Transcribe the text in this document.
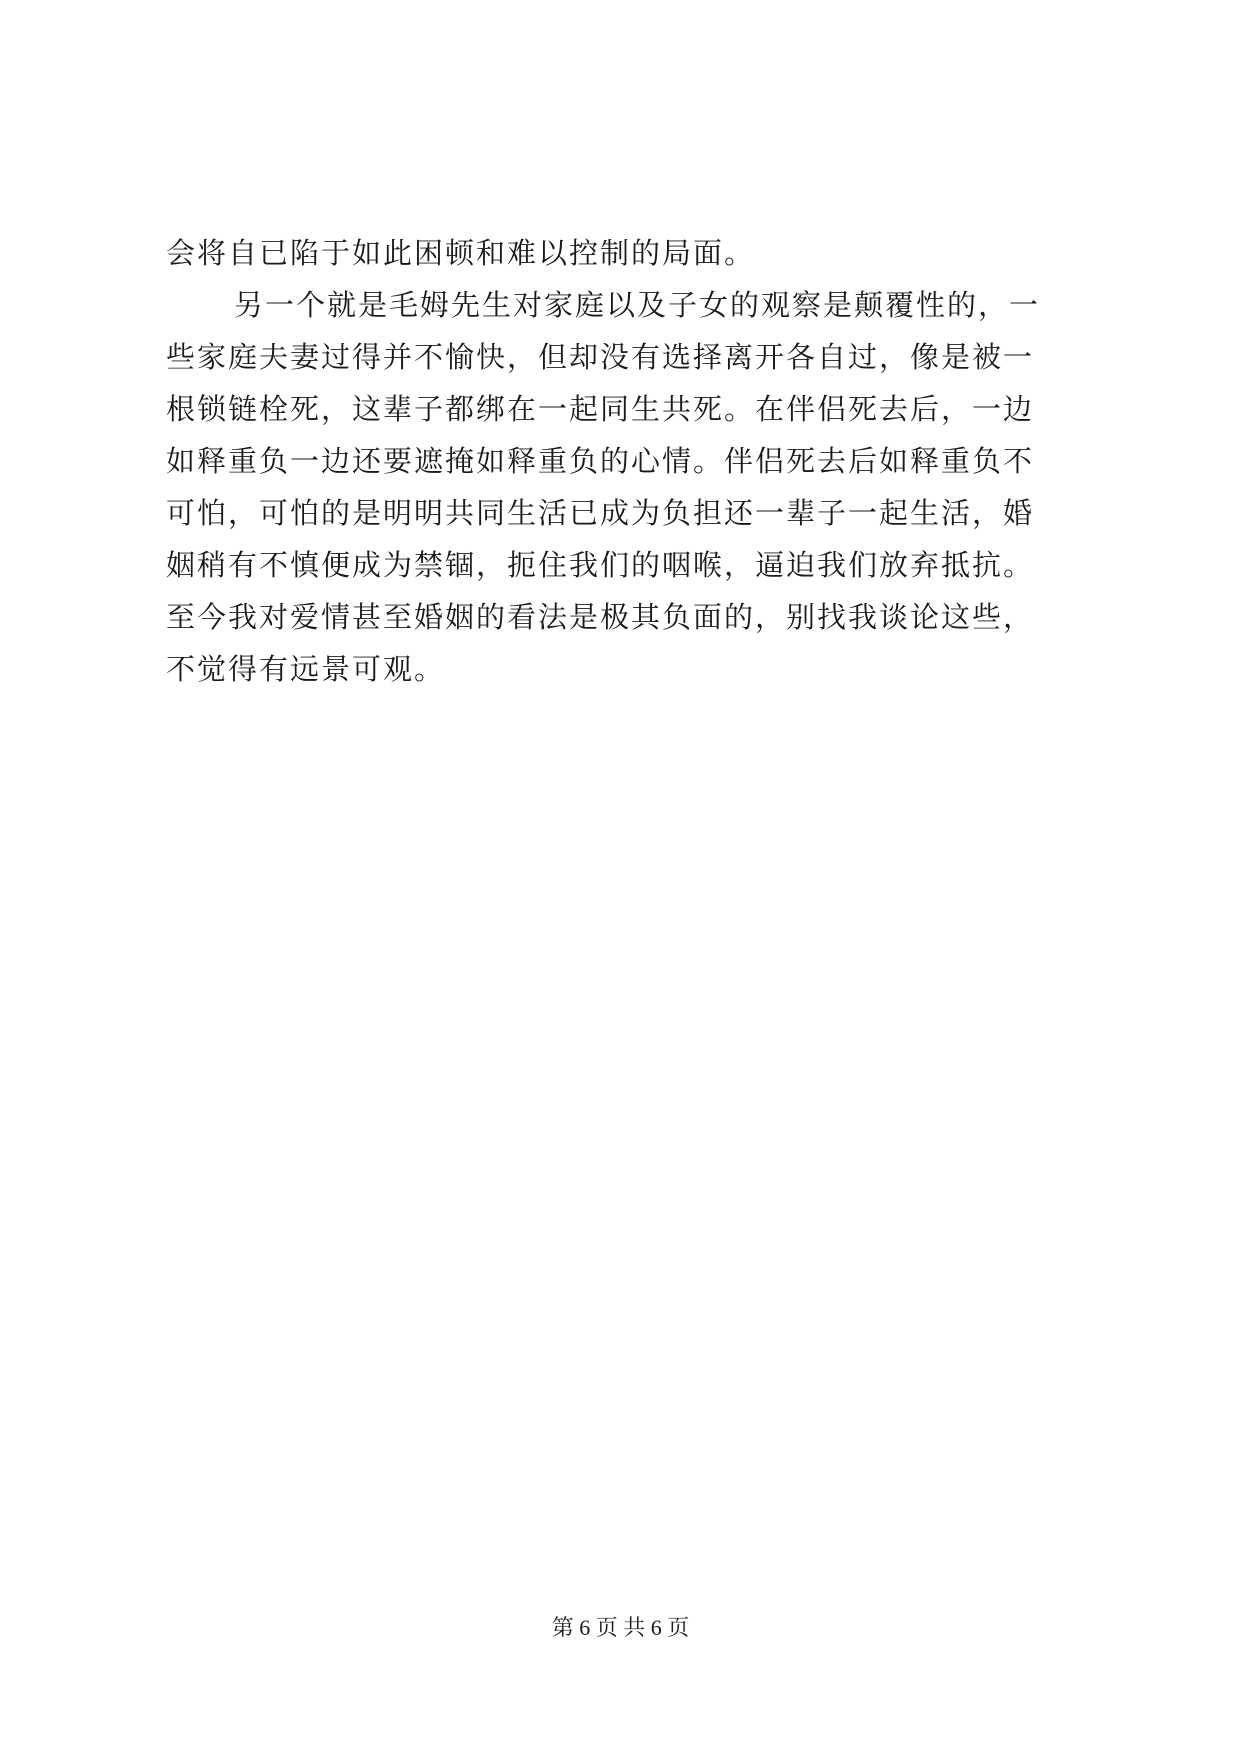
会将自已陷于如此困顿和难以控制的局面。
另一个就是毛姆先生对家庭以及子女的观察是颠覆性的，一
些家庭夫妻过得并不愉快，但却没有选择离开各自过，像是被一
根锁链栓死，这辈子都绑在一起同生共死。在伴侣死去后，一边
如释重负一边还要遮掩如释重负的心情。伴侣死去后如释重负不
可怕，可怕的是明明共同生活已成为负担还一辈子一起生活，婚
姻稍有不慎便成为禁锢，扼住我们的咽喉，逼迫我们放弃抵抗。
至今我对爱情甚至婚姻的看法是极其负面的，别找我谈论这些，
不觉得有远景可观。
第 6 页 共 6 页
